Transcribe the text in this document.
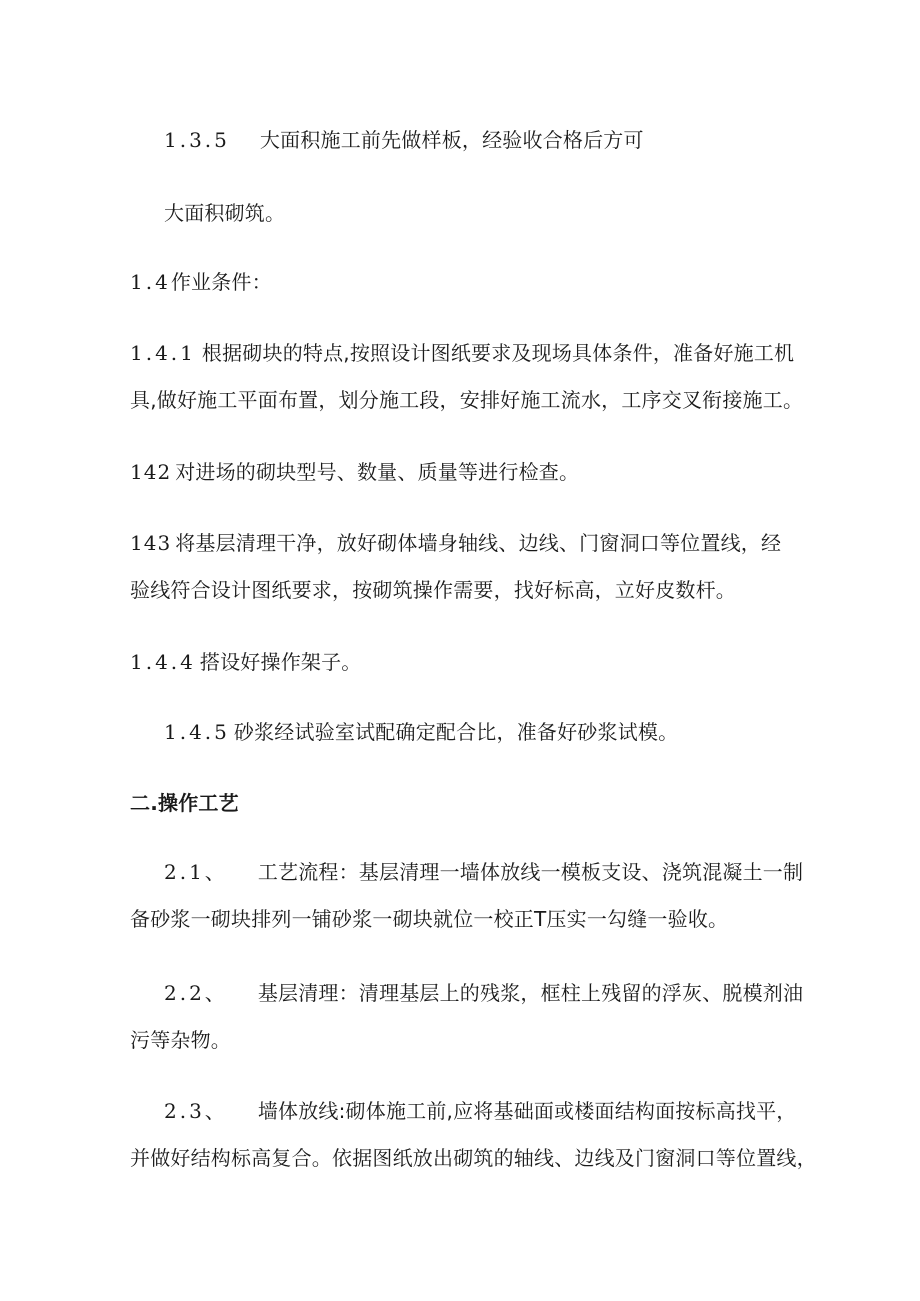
1.3.5 大面积施工前先做样板，经验收合格后方可
大面积砌筑。
1.4作业条件：
1.4.1 根据砌块的特点,按照设计图纸要求及现场具体条件，准备好施工机
具,做好施工平面布置，划分施工段，安排好施工流水，工序交叉衔接施工。
142 对进场的砌块型号、数量、质量等进行检查。
143 将基层清理干净，放好砌体墙身轴线、边线、门窗洞口等位置线，经
验线符合设计图纸要求，按砌筑操作需要，找好标高，立好皮数杆。
1.4.4 搭设好操作架子。
1.4.5 砂浆经试验室试配确定配合比，准备好砂浆试模。
二.操作工艺
2.1、 工艺流程：基层清理一墙体放线一模板支设、浇筑混凝土一制
备砂浆一砌块排列一铺砂浆一砌块就位一校正T压实一勾缝一验收。
2.2、 基层清理：清理基层上的残浆，框柱上残留的浮灰、脱模剂油
污等杂物。
2.3、 墙体放线:砌体施工前,应将基础面或楼面结构面按标高找平，
并做好结构标高复合。依据图纸放出砌筑的轴线、边线及门窗洞口等位置线，
